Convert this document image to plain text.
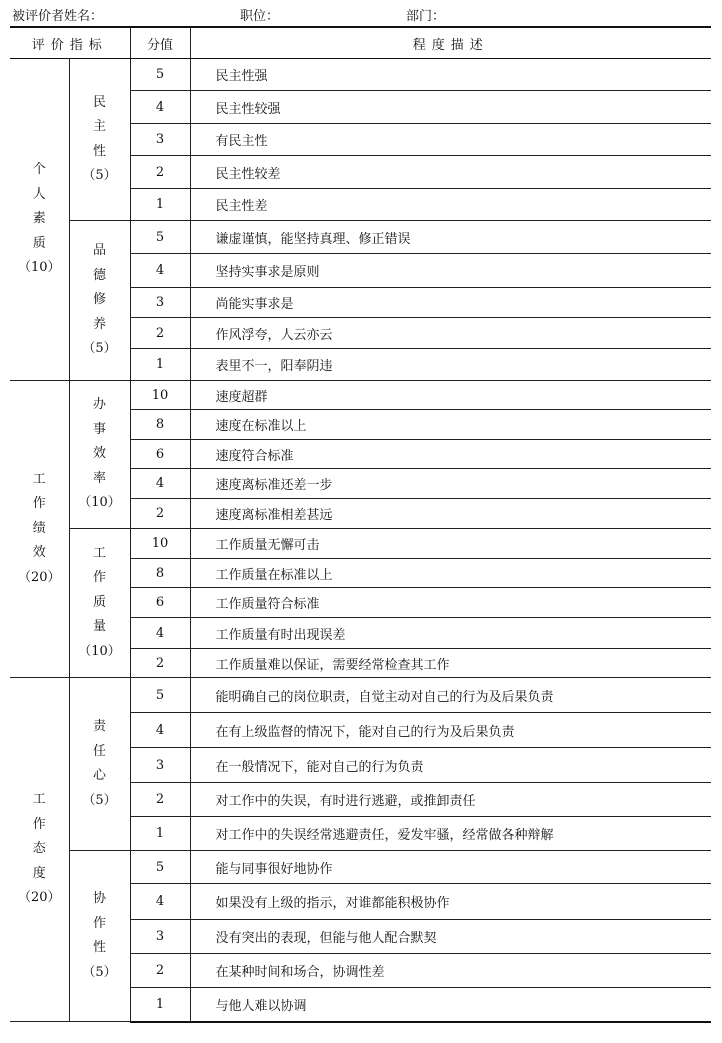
被评价者姓名：	职位：	部门：
评价指标		分值	程度描述

个
人
素
质
（10）	民
主
性
（5）	5	民主性强
		4	民主性较强
		3	有民主性
		2	民主性较差
		1	民主性差

	品
德
修
养
（5）	5	谦虚谨慎，能坚持真理、修正错误
		4	坚持实事求是原则
		3	尚能实事求是
		2	作风浮夸，人云亦云
		1	表里不一，阳奉阴违

工
作
绩
效
（20）	办
事
效
率
（10）	10	速度超群
		8	速度在标准以上
		6	速度符合标准
		4	速度离标准还差一步
		2	速度离标准相差甚远

	工
作
质
量
（10）	10	工作质量无懈可击
		8	工作质量在标准以上
		6	工作质量符合标准
		4	工作质量有时出现误差
		2	工作质量难以保证，需要经常检查其工作

工
作
态
度
（20）	责
任
心
（5）	5	能明确自己的岗位职责，自觉主动对自己的行为及后果负责
		4	在有上级监督的情况下，能对自己的行为及后果负责
		3	在一般情况下，能对自己的行为负责
		2	对工作中的失误，有时进行逃避，或推卸责任
		1	对工作中的失误经常逃避责任，爱发牢骚，经常做各种辩解

	协
作
性
（5）	5	能与同事很好地协作
		4	如果没有上级的指示，对谁都能积极协作
		3	没有突出的表现，但能与他人配合默契
		2	在某种时间和场合，协调性差
		1	与他人难以协调
